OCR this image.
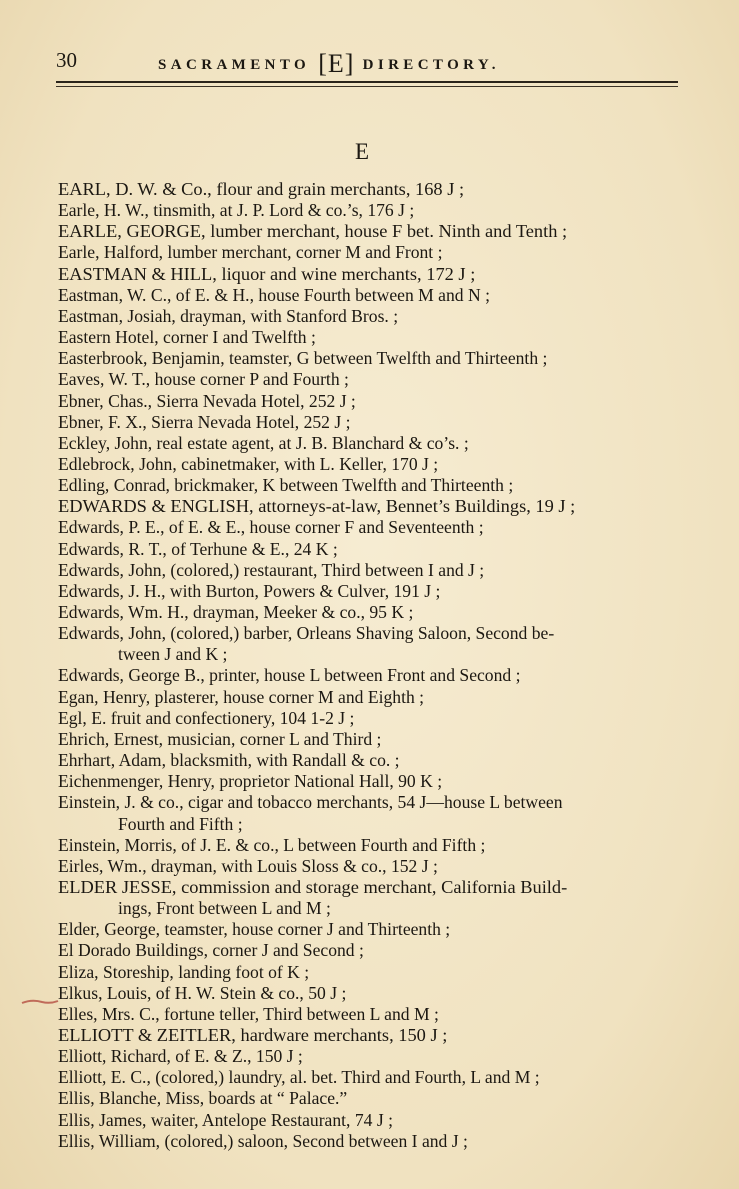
30	SACRAMENTO [E] DIRECTORY.
E
EARL, D. W. & Co., flour and grain merchants, 168 J ;
Earle, H. W., tinsmith, at J. P. Lord & co.’s, 176 J ;
EARLE, GEORGE, lumber merchant, house F bet. Ninth and Tenth ;
Earle, Halford, lumber merchant, corner M and Front ;
EASTMAN & HILL, liquor and wine merchants, 172 J ;
Eastman, W. C., of E. & H., house Fourth between M and N ;
Eastman, Josiah, drayman, with Stanford Bros. ;
Eastern Hotel, corner I and Twelfth ;
Easterbrook, Benjamin, teamster, G between Twelfth and Thirteenth ;
Eaves, W. T., house corner P and Fourth ;
Ebner, Chas., Sierra Nevada Hotel, 252 J ;
Ebner, F. X., Sierra Nevada Hotel, 252 J ;
Eckley, John, real estate agent, at J. B. Blanchard & co’s. ;
Edlebrock, John, cabinetmaker, with L. Keller, 170 J ;
Edling, Conrad, brickmaker, K between Twelfth and Thirteenth ;
EDWARDS & ENGLISH, attorneys-at-law, Bennet’s Buildings, 19 J ;
Edwards, P. E., of E. & E., house corner F and Seventeenth ;
Edwards, R. T., of Terhune & E., 24 K ;
Edwards, John, (colored,) restaurant, Third between I and J ;
Edwards, J. H., with Burton, Powers & Culver, 191 J ;
Edwards, Wm. H., drayman, Meeker & co., 95 K ;
Edwards, John, (colored,) barber, Orleans Shaving Saloon, Second be-
tween J and K ;
Edwards, George B., printer, house L between Front and Second ;
Egan, Henry, plasterer, house corner M and Eighth ;
Egl, E. fruit and confectionery, 104 1-2 J ;
Ehrich, Ernest, musician, corner L and Third ;
Ehrhart, Adam, blacksmith, with Randall & co. ;
Eichenmenger, Henry, proprietor National Hall, 90 K ;
Einstein, J. & co., cigar and tobacco merchants, 54 J—house L between
Fourth and Fifth ;
Einstein, Morris, of J. E. & co., L between Fourth and Fifth ;
Eirles, Wm., drayman, with Louis Sloss & co., 152 J ;
ELDER JESSE, commission and storage merchant, California Build-
ings, Front between L and M ;
Elder, George, teamster, house corner J and Thirteenth ;
El Dorado Buildings, corner J and Second ;
Eliza, Storeship, landing foot of K ;
Elkus, Louis, of H. W. Stein & co., 50 J ;
Elles, Mrs. C., fortune teller, Third between L and M ;
ELLIOTT & ZEITLER, hardware merchants, 150 J ;
Elliott, Richard, of E. & Z., 150 J ;
Elliott, E. C., (colored,) laundry, al. bet. Third and Fourth, L and M ;
Ellis, Blanche, Miss, boards at “ Palace.”
Ellis, James, waiter, Antelope Restaurant, 74 J ;
Ellis, William, (colored,) saloon, Second between I and J ;
